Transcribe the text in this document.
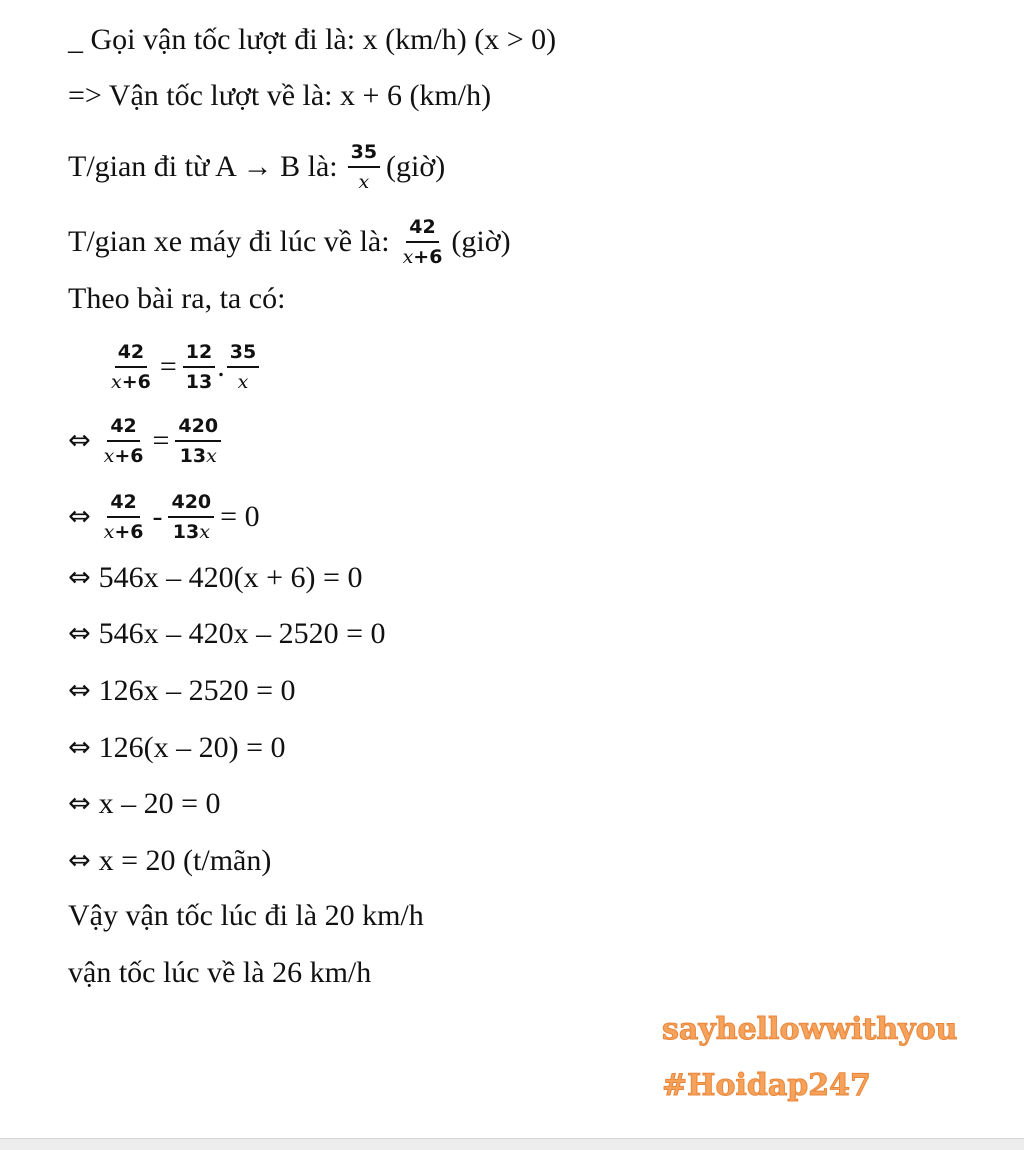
_ Gọi vận tốc lượt đi là: x (km/h) (x > 0)
=> Vận tốc lượt về là: x + 6 (km/h)
T/gian đi từ A → B là: $\frac{35}{x}$ (giờ)
T/gian xe máy đi lúc về là: $\frac{42}{x+6}$ (giờ)
Theo bài ra, ta có:
$\frac{42}{x+6} = \frac{12}{13}$ . $\frac{35}{x}$
⇔ $\frac{42}{x+6} = \frac{420}{13x}$
⇔ $\frac{42}{x+6} - \frac{420}{13x} = 0$
⇔ 546x – 420(x + 6) = 0
⇔ 546x – 420x – 2520 = 0
⇔ 126x – 2520 = 0
⇔ 126(x – 20) = 0
⇔ x – 20 = 0
⇔ x = 20 (t/mãn)
Vậy vận tốc lúc đi là 20 km/h
vận tốc lúc về là 26 km/h
sayhellowwithyou
#Hoidap247
